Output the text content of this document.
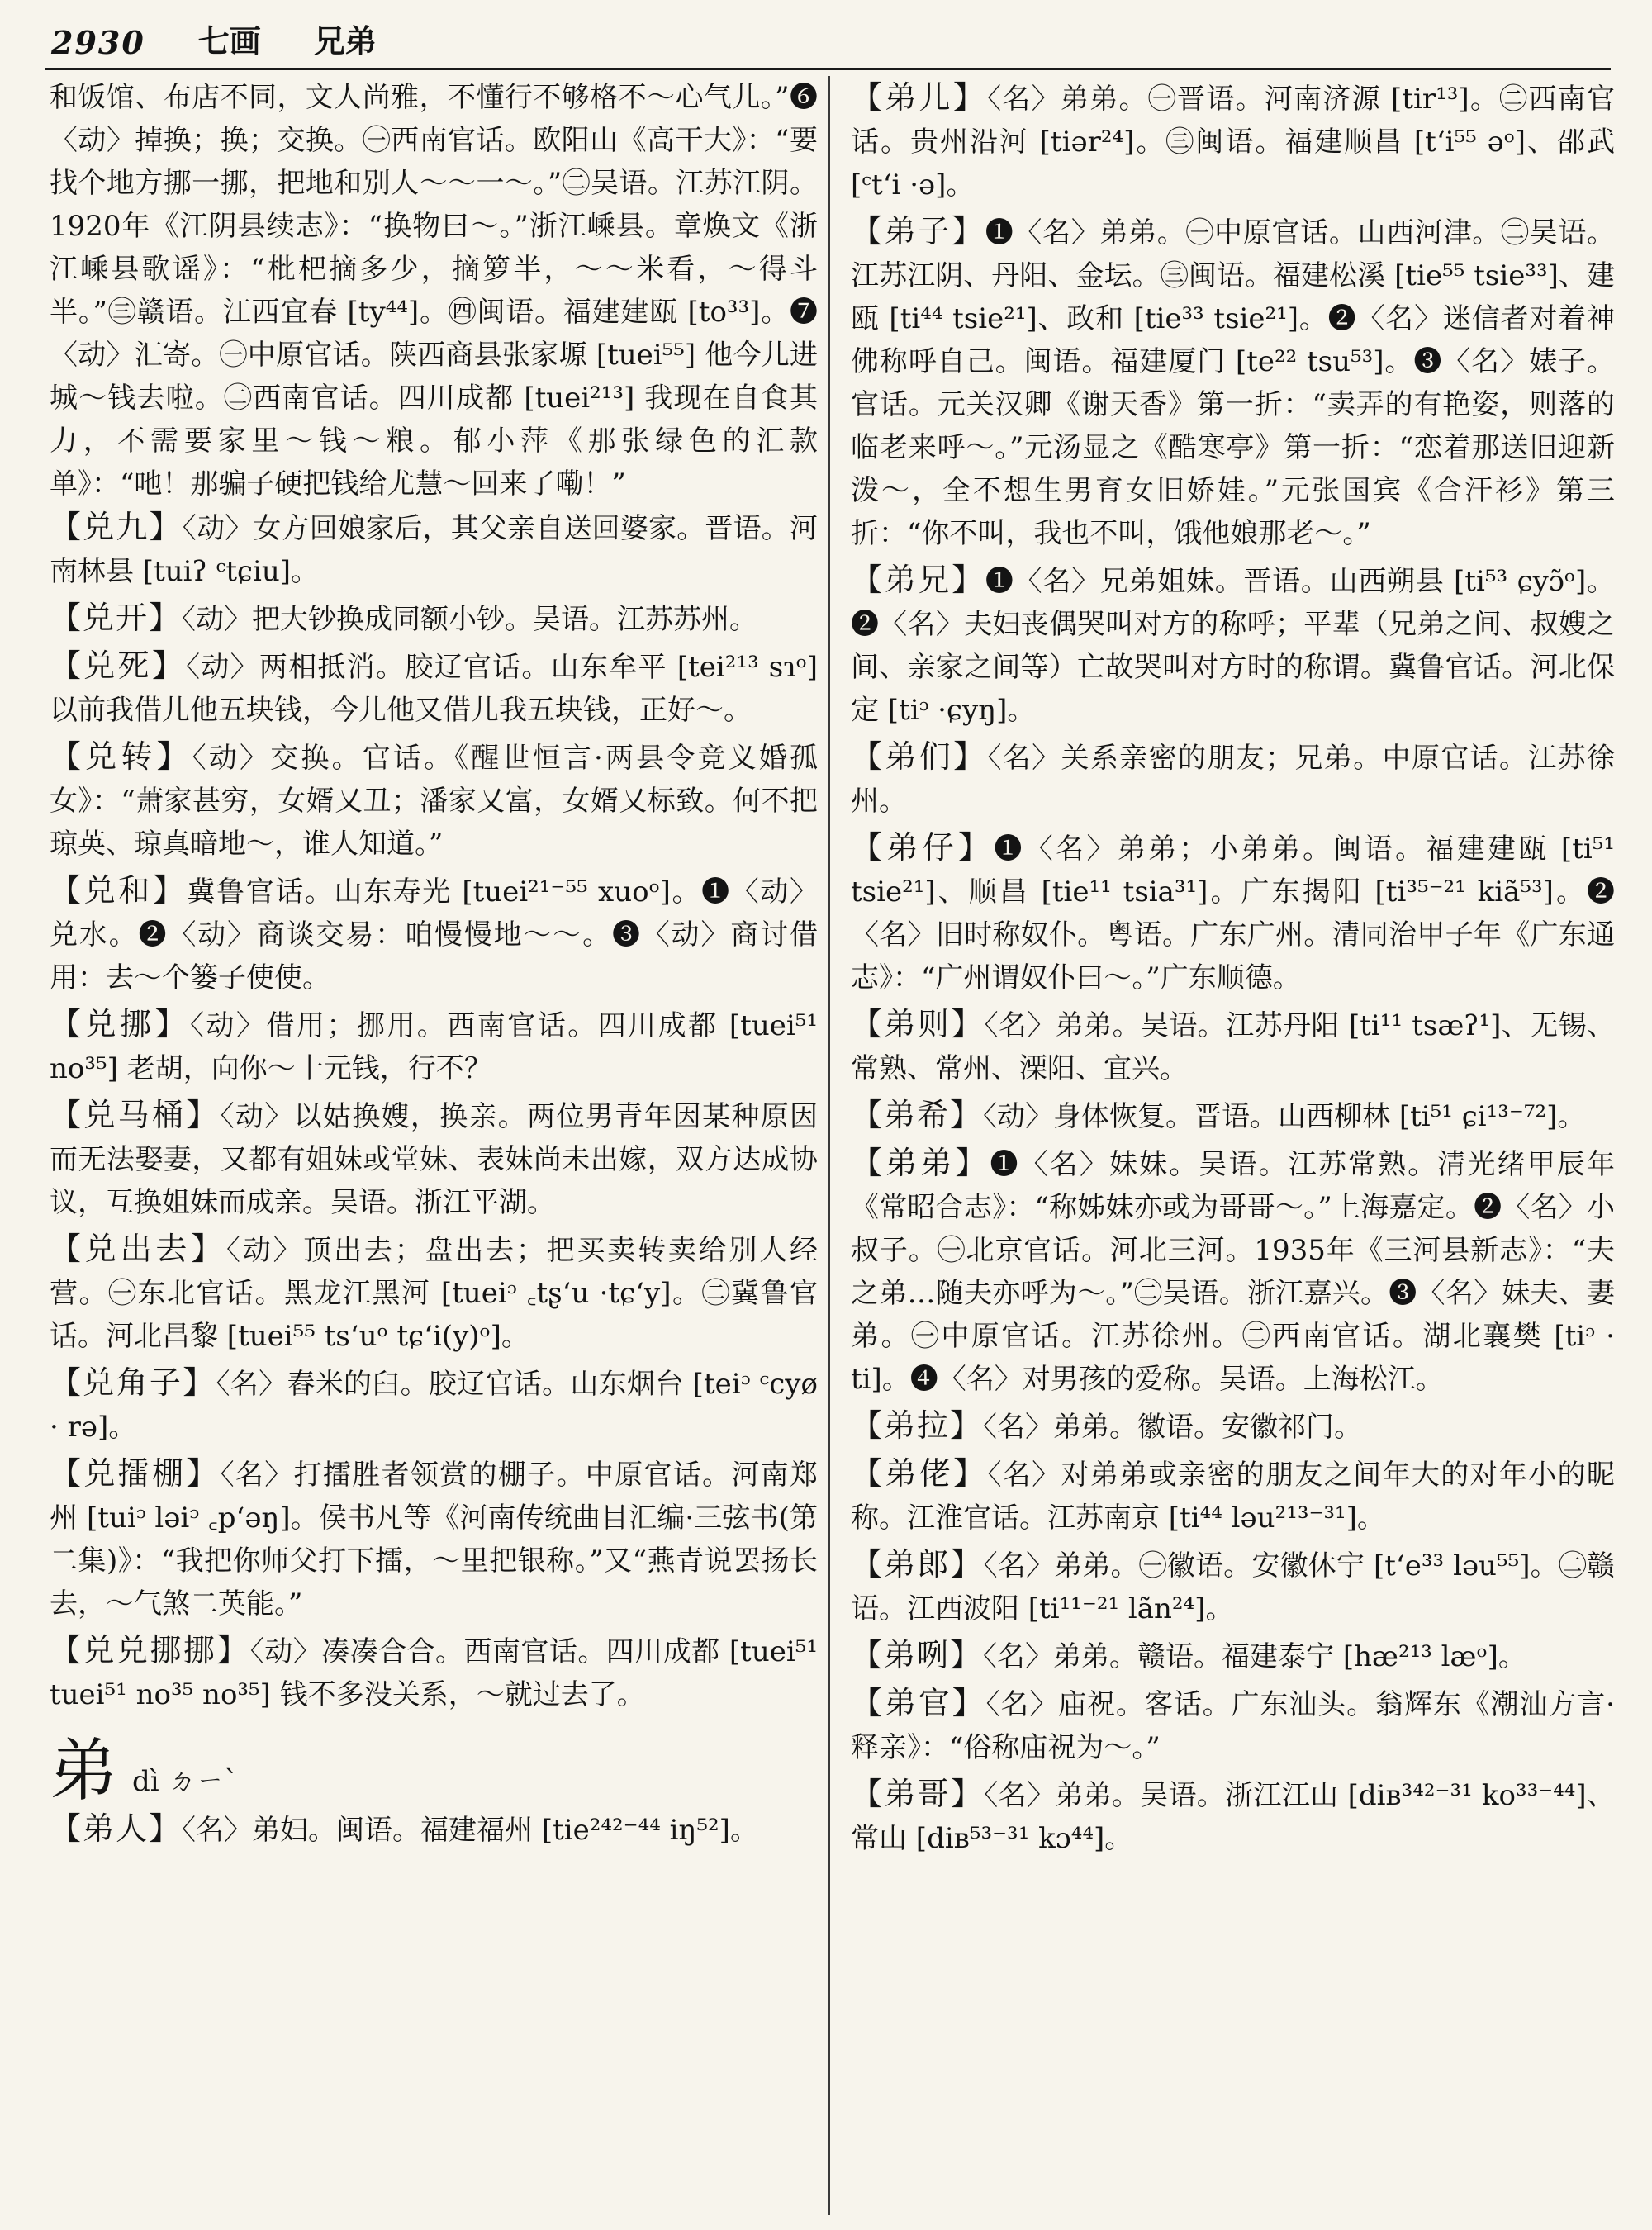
2930 七画 兄弟

和饭馆、布店不同，文人尚雅，不懂行不够格不～心气儿。”❻〈动〉掉换；换；交换。㊀西南官话。欧阳山《高干大》：“要找个地方挪一挪，把地和别人～～一～。”㊁吴语。江苏江阴。1920年《江阴县续志》：“换物曰～。”浙江嵊县。章焕文《浙江嵊县歌谣》：“枇杷摘多少，摘箩半，～～米看，～得斗半。”㊂赣语。江西宜春 [ty⁴⁴]。㊃闽语。福建建瓯 [to³³]。❼〈动〉汇寄。㊀中原官话。陕西商县张家塬 [tuei⁵⁵] 他今儿进城～钱去啦。㊁西南官话。四川成都 [tuei²¹³] 我现在自食其力，不需要家里～钱～粮。郁小萍《那张绿色的汇款单》：“吔！那骗子硬把钱给尤慧～回来了嘞！”

【兑九】〈动〉女方回娘家后，其父亲自送回婆家。晋语。河南林县 [tuiʔ ᶜtɕiu]。

【兑开】〈动〉把大钞换成同额小钞。吴语。江苏苏州。

【兑死】〈动〉两相抵消。胶辽官话。山东牟平 [tei²¹³ sɿᵒ] 以前我借儿他五块钱，今儿他又借儿我五块钱，正好～。

【兑转】〈动〉交换。官话。《醒世恒言·两县令竞义婚孤女》：“萧家甚穷，女婿又丑；潘家又富，女婿又标致。何不把琼英、琼真暗地～，谁人知道。”

【兑和】冀鲁官话。山东寿光 [tuei²¹⁻⁵⁵ xuoᵒ]。❶〈动〉兑水。❷〈动〉商谈交易：咱慢慢地～～。❸〈动〉商讨借用：去～个篓子使使。

【兑挪】〈动〉借用；挪用。西南官话。四川成都 [tuei⁵¹ no³⁵] 老胡，向你～十元钱，行不？

【兑马桶】〈动〉以姑换嫂，换亲。两位男青年因某种原因而无法娶妻，又都有姐妹或堂妹、表妹尚未出嫁，双方达成协议，互换姐妹而成亲。吴语。浙江平湖。

【兑出去】〈动〉顶出去；盘出去；把买卖转卖给别人经营。㊀东北官话。黑龙江黑河 [tueiᵓ ꜀tʂʻu ·tɕʻy]。㊁冀鲁官话。河北昌黎 [tuei⁵⁵ tsʻuᵒ tɕʻi(y)ᵒ]。

【兑角子】〈名〉舂米的臼。胶辽官话。山东烟台 [teiᵓ ᶜcyø · rə]。

【兑擂棚】〈名〉打擂胜者领赏的棚子。中原官话。河南郑州 [tuiᵓ ləiᵓ ꜀pʻəŋ]。侯书凡等《河南传统曲目汇编·三弦书(第二集)》：“我把你师父打下擂，～里把银称。”又“燕青说罢扬长去，～气煞二英能。”

【兑兑挪挪】〈动〉凑凑合合。西南官话。四川成都 [tuei⁵¹ tuei⁵¹ no³⁵ no³⁵] 钱不多没关系，～就过去了。

弟 dì ㄉㄧˋ

【弟人】〈名〉弟妇。闽语。福建福州 [tie²⁴²⁻⁴⁴ iŋ⁵²]。

【弟儿】〈名〉弟弟。㊀晋语。河南济源 [tir¹³]。㊁西南官话。贵州沿河 [tiər²⁴]。㊂闽语。福建顺昌 [tʻi⁵⁵ əᵒ]、邵武 [ᶜtʻi ·ə]。

【弟子】❶〈名〉弟弟。㊀中原官话。山西河津。㊁吴语。江苏江阴、丹阳、金坛。㊂闽语。福建松溪 [tie⁵⁵ tsie³³]、建瓯 [ti⁴⁴ tsie²¹]、政和 [tie³³ tsie²¹]。❷〈名〉迷信者对着神佛称呼自己。闽语。福建厦门 [te²² tsu⁵³]。❸〈名〉婊子。官话。元关汉卿《谢天香》第一折：“卖弄的有艳姿，则落的临老来呼～。”元汤显之《酷寒亭》第一折：“恋着那送旧迎新泼～，全不想生男育女旧娇娃。”元张国宾《合汗衫》第三折：“你不叫，我也不叫，饿他娘那老～。”

【弟兄】❶〈名〉兄弟姐妹。晋语。山西朔县 [ti⁵³ ɕyɔ̃ᵒ]。❷〈名〉夫妇丧偶哭叫对方的称呼；平辈（兄弟之间、叔嫂之间、亲家之间等）亡故哭叫对方时的称谓。冀鲁官话。河北保定 [tiᵓ ·ɕyŋ]。

【弟们】〈名〉关系亲密的朋友；兄弟。中原官话。江苏徐州。

【弟仔】❶〈名〉弟弟；小弟弟。闽语。福建建瓯 [ti⁵¹ tsie²¹]、顺昌 [tie¹¹ tsia³¹]。广东揭阳 [ti³⁵⁻²¹ kiã⁵³]。❷〈名〉旧时称奴仆。粤语。广东广州。清同治甲子年《广东通志》：“广州谓奴仆曰～。”广东顺德。

【弟则】〈名〉弟弟。吴语。江苏丹阳 [ti¹¹ tsæʔ¹]、无锡、常熟、常州、溧阳、宜兴。

【弟希】〈动〉身体恢复。晋语。山西柳林 [ti⁵¹ ɕi¹³⁻⁷²]。

【弟弟】❶〈名〉妹妹。吴语。江苏常熟。清光绪甲辰年《常昭合志》：“称姊妹亦或为哥哥～。”上海嘉定。❷〈名〉小叔子。㊀北京官话。河北三河。1935年《三河县新志》：“夫之弟…随夫亦呼为～。”㊁吴语。浙江嘉兴。❸〈名〉妹夫、妻弟。㊀中原官话。江苏徐州。㊁西南官话。湖北襄樊 [tiᵓ · ti]。❹〈名〉对男孩的爱称。吴语。上海松江。

【弟拉】〈名〉弟弟。徽语。安徽祁门。

【弟佬】〈名〉对弟弟或亲密的朋友之间年大的对年小的昵称。江淮官话。江苏南京 [ti⁴⁴ ləu²¹³⁻³¹]。

【弟郎】〈名〉弟弟。㊀徽语。安徽休宁 [tʻe³³ ləu⁵⁵]。㊁赣语。江西波阳 [ti¹¹⁻²¹ lãn²⁴]。

【弟咧】〈名〉弟弟。赣语。福建泰宁 [hæ²¹³ læᵒ]。

【弟官】〈名〉庙祝。客话。广东汕头。翁辉东《潮汕方言·释亲》：“俗称庙祝为～。”

【弟哥】〈名〉弟弟。吴语。浙江江山 [diʙ³⁴²⁻³¹ ko³³⁻⁴⁴]、常山 [diʙ⁵³⁻³¹ kɔ⁴⁴]。
